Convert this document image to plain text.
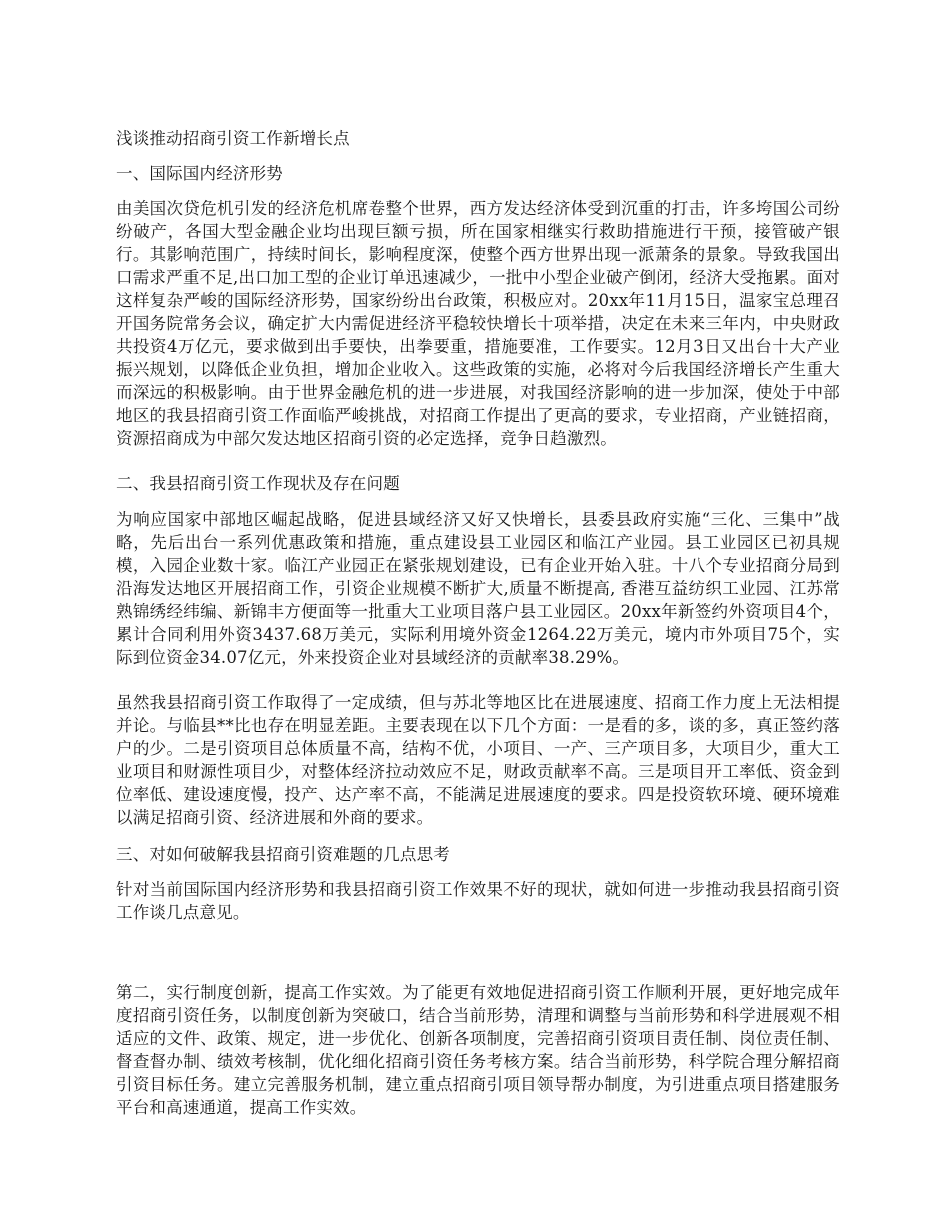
浅谈推动招商引资工作新增长点

一、国际国内经济形势

由美国次贷危机引发的经济危机席卷整个世界，西方发达经济体受到沉重的打击，许多垮国公司纷纷破产，各国大型金融企业均出现巨额亏损，所在国家相继实行救助措施进行干预，接管破产银行。其影响范围广，持续时间长，影响程度深，使整个西方世界出现一派萧条的景象。导致我国出口需求严重不足,出口加工型的企业订单迅速减少，一批中小型企业破产倒闭，经济大受拖累。面对这样复杂严峻的国际经济形势，国家纷纷出台政策，积极应对。20xx年11月15日，温家宝总理召开国务院常务会议，确定扩大内需促进经济平稳较快增长十项举措，决定在未来三年内，中央财政共投资4万亿元，要求做到出手要快，出拳要重，措施要准，工作要实。12月3日又出台十大产业振兴规划，以降低企业负担，增加企业收入。这些政策的实施，必将对今后我国经济增长产生重大而深远的积极影响。由于世界金融危机的进一步进展，对我国经济影响的进一步加深，使处于中部地区的我县招商引资工作面临严峻挑战，对招商工作提出了更高的要求，专业招商，产业链招商，资源招商成为中部欠发达地区招商引资的必定选择，竞争日趋激烈。

二、我县招商引资工作现状及存在问题

为响应国家中部地区崛起战略，促进县域经济又好又快增长，县委县政府实施“三化、三集中”战略，先后出台一系列优惠政策和措施，重点建设县工业园区和临江产业园。县工业园区已初具规模，入园企业数十家。临江产业园正在紧张规划建设，已有企业开始入驻。十八个专业招商分局到沿海发达地区开展招商工作，引资企业规模不断扩大,质量不断提高, 香港互益纺织工业园、江苏常熟锦绣经纬编、新锦丰方便面等一批重大工业项目落户县工业园区。20xx年新签约外资项目4个，累计合同利用外资3437.68万美元，实际利用境外资金1264.22万美元，境内市外项目75个，实际到位资金34.07亿元，外来投资企业对县域经济的贡献率38.29%。

虽然我县招商引资工作取得了一定成绩，但与苏北等地区比在进展速度、招商工作力度上无法相提并论。与临县**比也存在明显差距。主要表现在以下几个方面：一是看的多，谈的多，真正签约落户的少。二是引资项目总体质量不高，结构不优，小项目、一产、三产项目多，大项目少，重大工业项目和财源性项目少，对整体经济拉动效应不足，财政贡献率不高。三是项目开工率低、资金到位率低、建设速度慢，投产、达产率不高，不能满足进展速度的要求。四是投资软环境、硬环境难以满足招商引资、经济进展和外商的要求。

三、对如何破解我县招商引资难题的几点思考

针对当前国际国内经济形势和我县招商引资工作效果不好的现状，就如何进一步推动我县招商引资工作谈几点意见。

第二，实行制度创新，提高工作实效。为了能更有效地促进招商引资工作顺利开展，更好地完成年度招商引资任务，以制度创新为突破口，结合当前形势，清理和调整与当前形势和科学进展观不相适应的文件、政策、规定，进一步优化、创新各项制度，完善招商引资项目责任制、岗位责任制、督查督办制、绩效考核制，优化细化招商引资任务考核方案。结合当前形势，科学院合理分解招商引资目标任务。建立完善服务机制，建立重点招商引项目领导帮办制度，为引进重点项目搭建服务平台和高速通道，提高工作实效。
